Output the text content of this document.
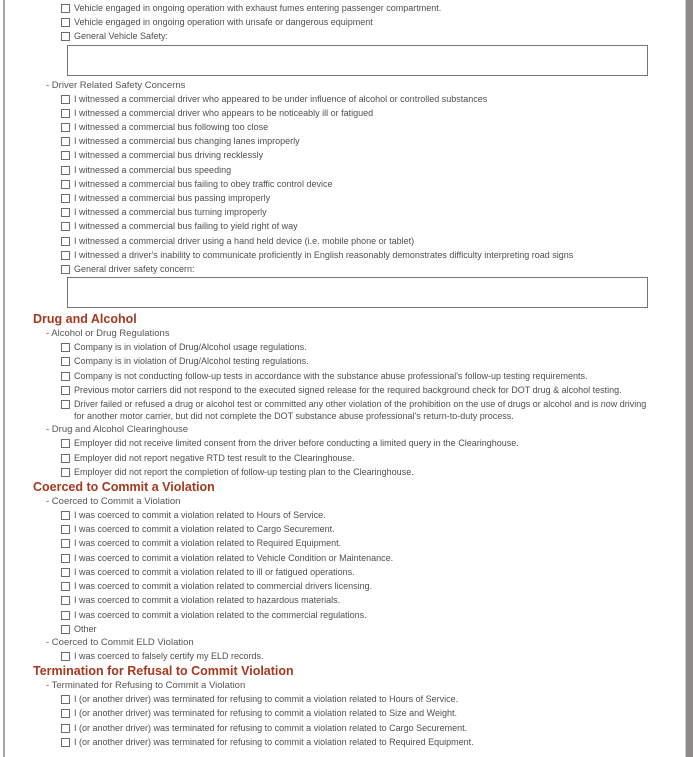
Vehicle engaged in ongoing operation with exhaust fumes entering passenger compartment.
Vehicle engaged in ongoing operation with unsafe or dangerous equipment
General Vehicle Safety:
- Driver Related Safety Concerns
I witnessed a commercial driver who appeared to be under influence of alcohol or controlled substances
I witnessed a commercial driver who appears to be noticeably ill or fatigued
I witnessed a commercial bus following too close
I witnessed a commercial bus changing lanes improperly
I witnessed a commercial bus driving recklessly
I witnessed a commercial bus speeding
I witnessed a commercial bus failing to obey traffic control device
I witnessed a commercial bus passing improperly
I witnessed a commercial bus turning improperly
I witnessed a commercial bus failing to yield right of way
I witnessed a commercial driver using a hand held device (i.e. mobile phone or tablet)
I witnessed a driver's inability to communicate proficiently in English reasonably demonstrates difficulty interpreting road signs
General driver safety concern:
Drug and Alcohol
- Alcohol or Drug Regulations
Company is in violation of Drug/Alcohol usage regulations.
Company is in violation of Drug/Alcohol testing regulations.
Company is not conducting follow-up tests in accordance with the substance abuse professional's follow-up testing requirements.
Previous motor carriers did not respond to the executed signed release for the required background check for DOT drug & alcohol testing.
Driver failed or refused a drug or alcohol test or committed any other violation of the prohibition on the use of drugs or alcohol and is now driving for another motor carrier, but did not complete the DOT substance abuse professional's return-to-duty process.
- Drug and Alcohol Clearinghouse
Employer did not receive limited consent from the driver before conducting a limited query in the Clearinghouse.
Employer did not report negative RTD test result to the Clearinghouse.
Employer did not report the completion of follow-up testing plan to the Clearinghouse.
Coerced to Commit a Violation
- Coerced to Commit a Violation
I was coerced to commit a violation related to Hours of Service.
I was coerced to commit a violation related to Cargo Securement.
I was coerced to commit a violation related to Required Equipment.
I was coerced to commit a violation related to Vehicle Condition or Maintenance.
I was coerced to commit a violation related to ill or fatigued operations.
I was coerced to commit a violation related to commercial drivers licensing.
I was coerced to commit a violation related to hazardous materials.
I was coerced to commit a violation related to the commercial regulations.
Other
- Coerced to Commit ELD Violation
I was coerced to falsely certify my ELD records.
Termination for Refusal to Commit Violation
- Terminated for Refusing to Commit a Violation
I (or another driver) was terminated for refusing to commit a violation related to Hours of Service.
I (or another driver) was terminated for refusing to commit a violation related to Size and Weight.
I (or another driver) was terminated for refusing to commit a violation related to Cargo Securement.
I (or another driver) was terminated for refusing to commit a violation related to Required Equipment.
